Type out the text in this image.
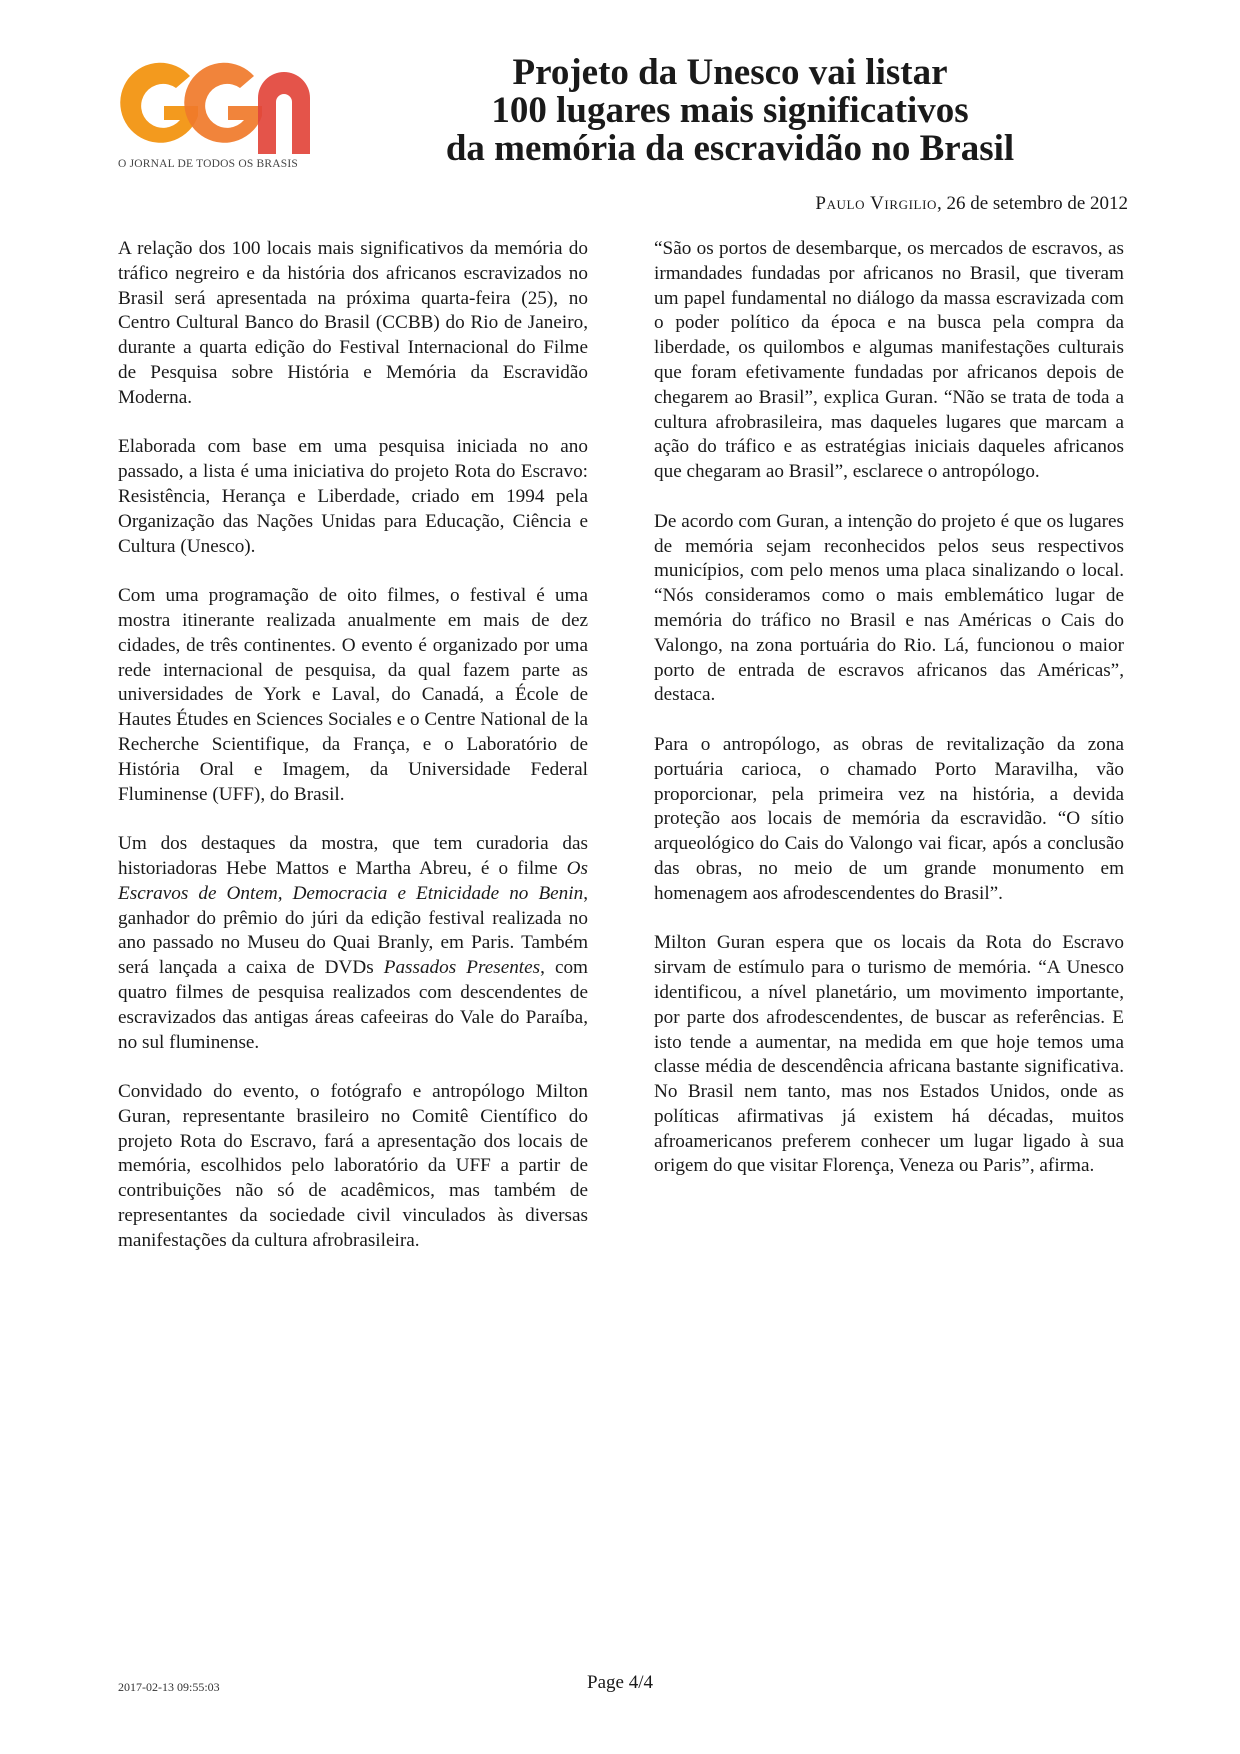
O JORNAL DE TODOS OS BRASIS
Projeto da Unesco vai listar
100 lugares mais significativos
da memória da escravidão no Brasil
Paulo Virgilio, 26 de setembro de 2012

A relação dos 100 locais mais significativos da memória do tráfico negreiro e da história dos africanos escravizados no Brasil será apresentada na próxima quarta-feira (25), no Centro Cultural Banco do Brasil (CCBB) do Rio de Janeiro, durante a quarta edição do Festival Internacional do Filme de Pesquisa sobre História e Memória da Escravidão Moderna.

Elaborada com base em uma pesquisa iniciada no ano passado, a lista é uma iniciativa do projeto Rota do Escravo: Resistência, Herança e Liberdade, criado em 1994 pela Organização das Nações Unidas para Educação, Ciência e Cultura (Unesco).

Com uma programação de oito filmes, o festival é uma mostra itinerante realizada anualmente em mais de dez cidades, de três continentes. O evento é organizado por uma rede internacional de pesquisa, da qual fazem parte as universidades de York e Laval, do Canadá, a École de Hautes Études en Sciences Sociales e o Centre National de la Recherche Scientifique, da França, e o Laboratório de História Oral e Imagem, da Universidade Federal Fluminense (UFF), do Brasil.

Um dos destaques da mostra, que tem curadoria das historiadoras Hebe Mattos e Martha Abreu, é o filme Os Escravos de Ontem, Democracia e Etnicidade no Benin, ganhador do prêmio do júri da edição festival realizada no ano passado no Museu do Quai Branly, em Paris. Também será lançada a caixa de DVDs Passados Presentes, com quatro filmes de pesquisa realizados com descendentes de escravizados das antigas áreas cafeeiras do Vale do Paraíba, no sul fluminense.

Convidado do evento, o fotógrafo e antropólogo Milton Guran, representante brasileiro no Comitê Científico do projeto Rota do Escravo, fará a apresentação dos locais de memória, escolhidos pelo laboratório da UFF a partir de contribuições não só de acadêmicos, mas também de representantes da sociedade civil vinculados às diversas manifestações da cultura afrobrasileira.

“São os portos de desembarque, os mercados de escravos, as irmandades fundadas por africanos no Brasil, que tiveram um papel fundamental no diálogo da massa escravizada com o poder político da época e na busca pela compra da liberdade, os quilombos e algumas manifestações culturais que foram efetivamente fundadas por africanos depois de chegarem ao Brasil”, explica Guran. “Não se trata de toda a cultura afrobrasileira, mas daqueles lugares que marcam a ação do tráfico e as estratégias iniciais daqueles africanos que chegaram ao Brasil”, esclarece o antropólogo.

De acordo com Guran, a intenção do projeto é que os lugares de memória sejam reconhecidos pelos seus respectivos municípios, com pelo menos uma placa sinalizando o local. “Nós consideramos como o mais emblemático lugar de memória do tráfico no Brasil e nas Américas o Cais do Valongo, na zona portuária do Rio. Lá, funcionou o maior porto de entrada de escravos africanos das Américas”, destaca.

Para o antropólogo, as obras de revitalização da zona portuária carioca, o chamado Porto Maravilha, vão proporcionar, pela primeira vez na história, a devida proteção aos locais de memória da escravidão. “O sítio arqueológico do Cais do Valongo vai ficar, após a conclusão das obras, no meio de um grande monumento em homenagem aos afrodescendentes do Brasil”.

Milton Guran espera que os locais da Rota do Escravo sirvam de estímulo para o turismo de memória. “A Unesco identificou, a nível planetário, um movimento importante, por parte dos afrodescendentes, de buscar as referências. E isto tende a aumentar, na medida em que hoje temos uma classe média de descendência africana bastante significativa. No Brasil nem tanto, mas nos Estados Unidos, onde as políticas afirmativas já existem há décadas, muitos afroamericanos preferem conhecer um lugar ligado à sua origem do que visitar Florença, Veneza ou Paris”, afirma.

2017-02-13 09:55:03	Page 4/4
